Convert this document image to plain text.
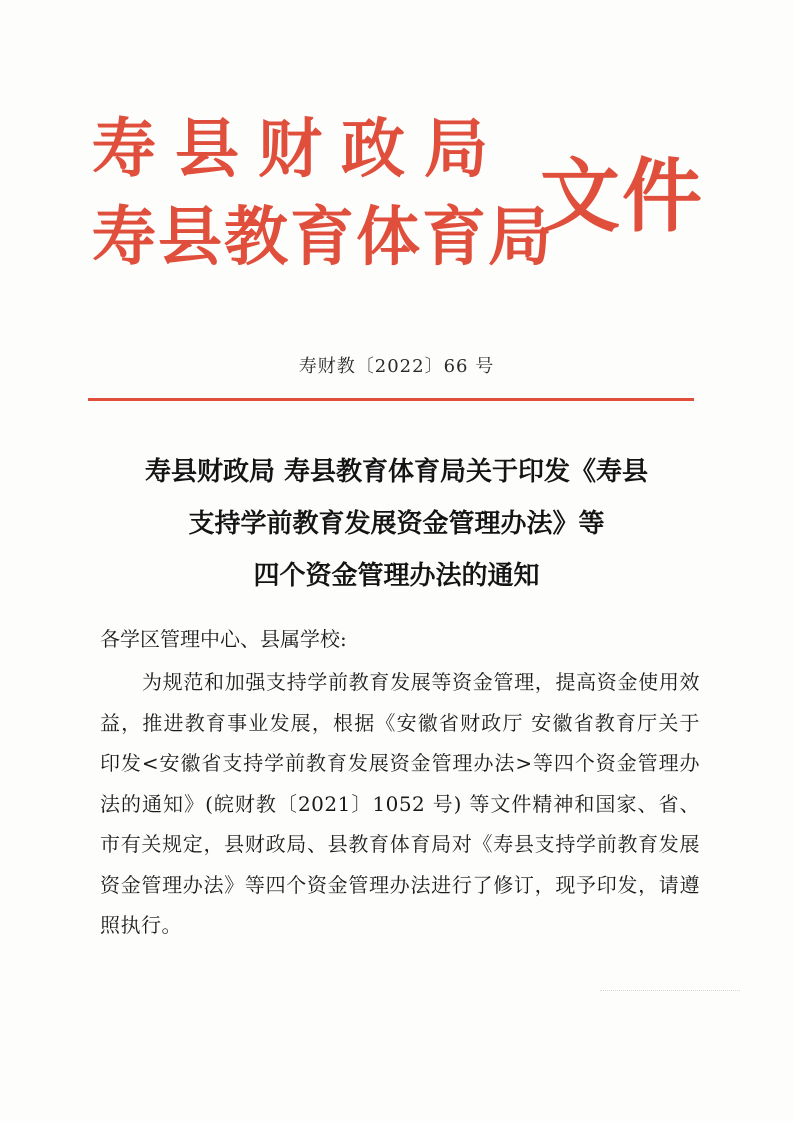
寿县财政局
寿县教育体育局
文件
寿财教〔2022〕66 号
寿县财政局 寿县教育体育局关于印发《寿县
支持学前教育发展资金管理办法》等
四个资金管理办法的通知
各学区管理中心、县属学校:
为规范和加强支持学前教育发展等资金管理，提高资金使用效益，推进教育事业发展，根据《安徽省财政厅 安徽省教育厅关于印发<安徽省支持学前教育发展资金管理办法>等四个资金管理办法的通知》(皖财教〔2021〕1052 号) 等文件精神和国家、省、市有关规定，县财政局、县教育体育局对《寿县支持学前教育发展资金管理办法》等四个资金管理办法进行了修订，现予印发，请遵照执行。
